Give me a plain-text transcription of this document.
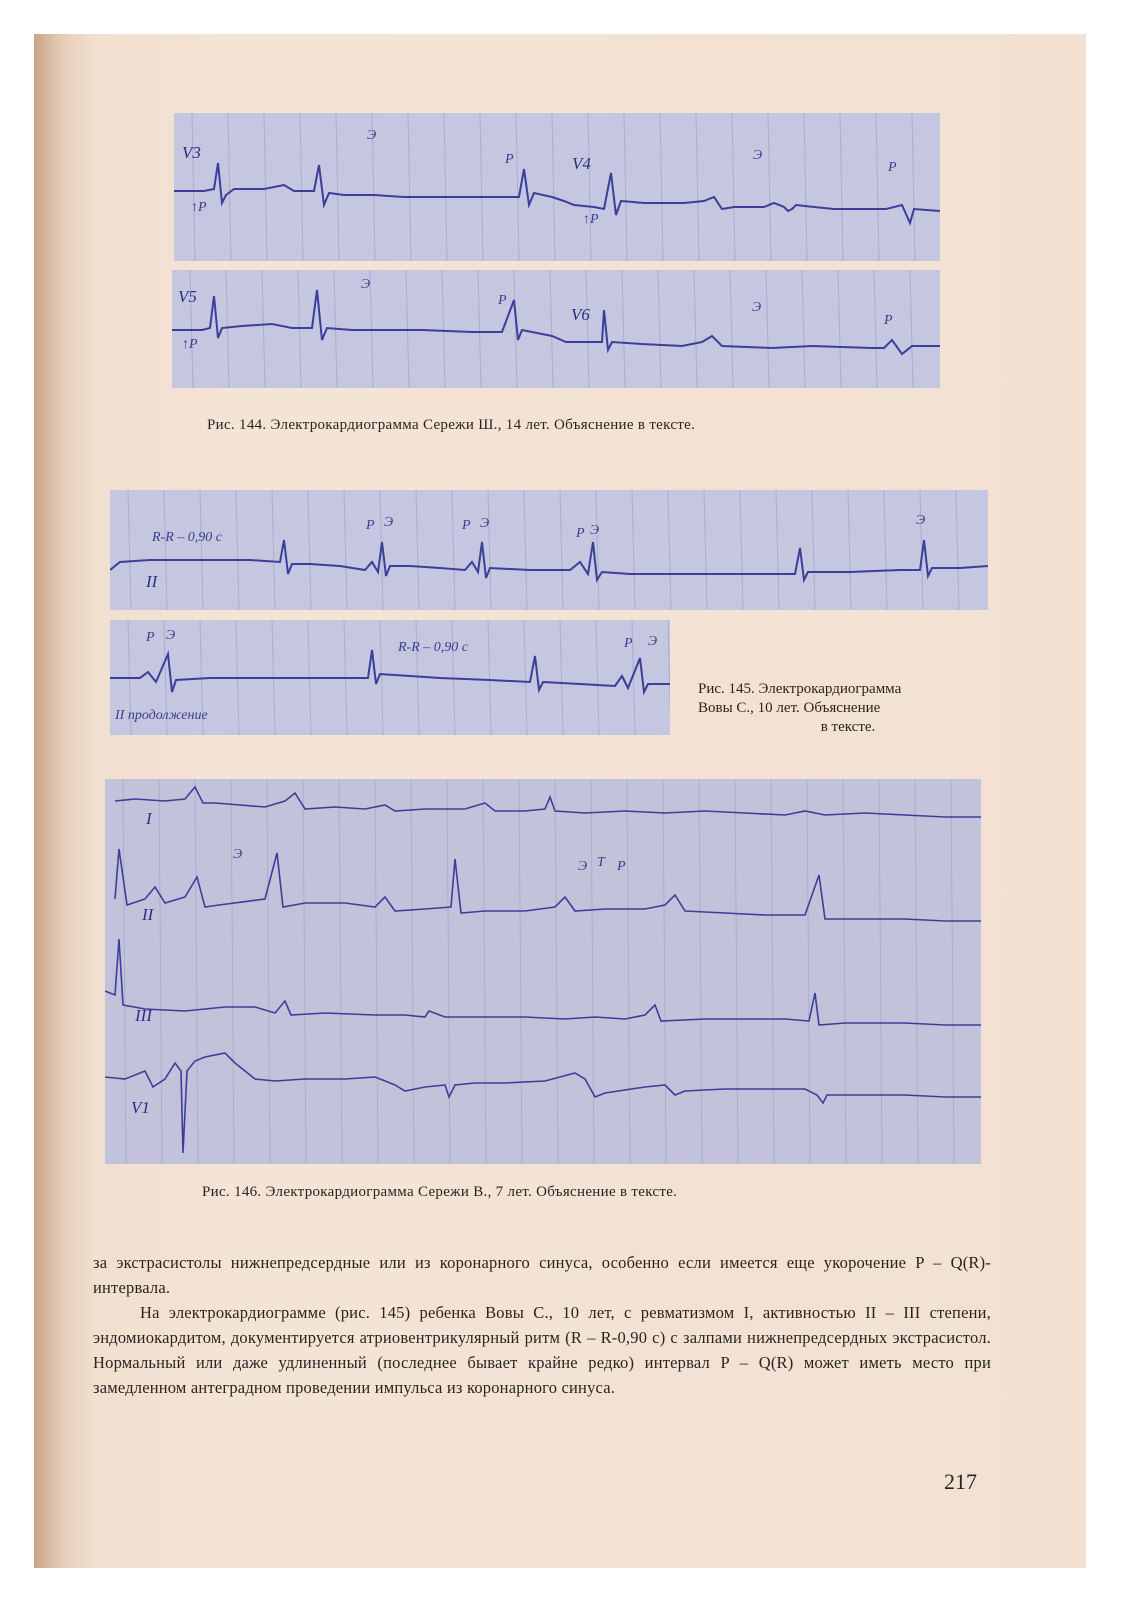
V3
V4
↑P
Э
P
↑P
Э
P
V5
V6
↑P
Э
P	Э
P
Рис. 144. Электрокардиограмма Сережи Ш., 14 лет. Объяснение в тексте.
R-R – 0,90 с
II
P Э	P Э
P Э
Э
P Э
R-R – 0,90 с	P Э
II продолжение
Рис. 145. Электрокардиограмма
Вовы С., 10 лет. Объяснение
в тексте.
I
II
III
V1
Э
Э T P
Рис. 146. Электрокардиограмма Сережи В., 7 лет. Объяснение в тексте.

за экстрасистолы нижнепредсердные или из коронарного синуса, особенно если имеется еще укорочение P – Q(R)-интервала.

На электрокардиограмме (рис. 145) ребенка Вовы С., 10 лет, с ревматизмом I, активностью II – III степени, эндомиокардитом, документируется атриовентрикулярный ритм (R – R-0,90 с) с залпами нижнепредсердных экстрасистол. Нормальный или даже удлиненный (последнее бывает крайне редко) интервал P – Q(R) может иметь место при замедленном антеградном проведении импульса из коронарного синуса.

217
